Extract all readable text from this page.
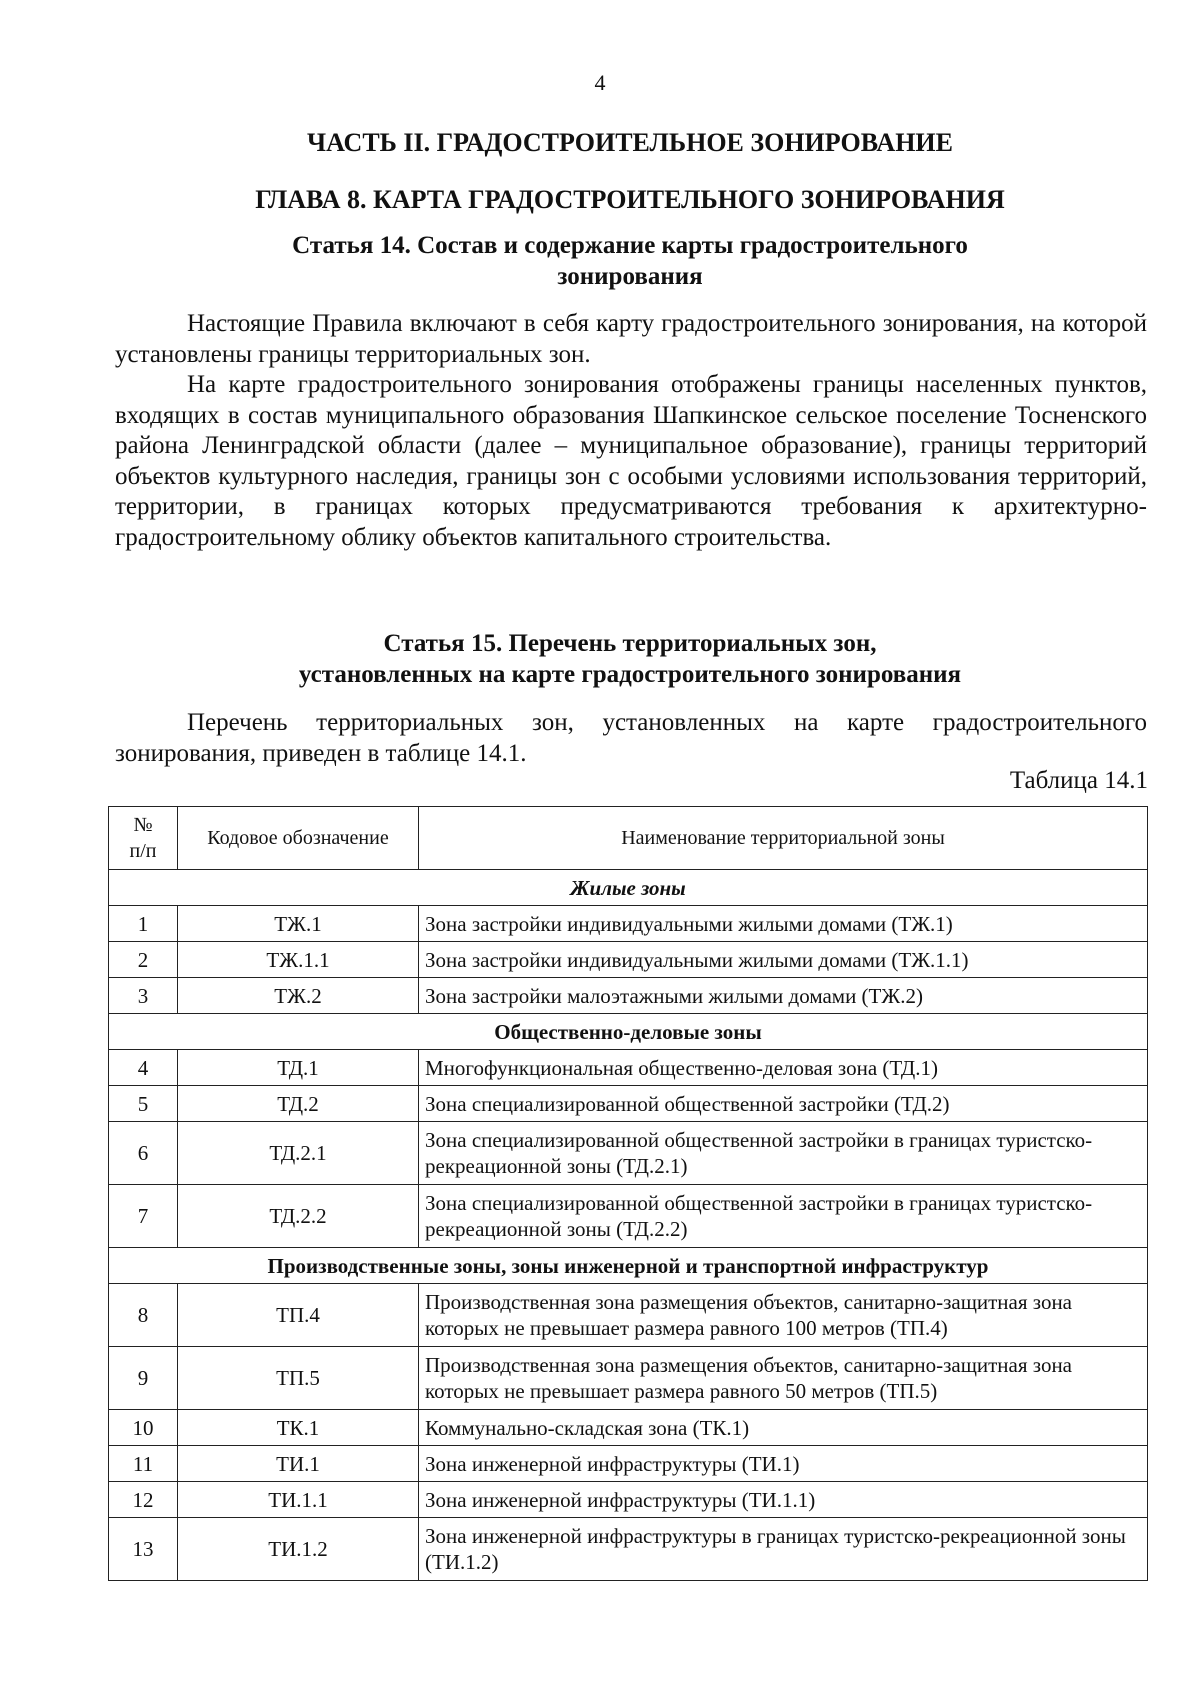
4
ЧАСТЬ II. ГРАДОСТРОИТЕЛЬНОЕ ЗОНИРОВАНИЕ
ГЛАВА 8. КАРТА ГРАДОСТРОИТЕЛЬНОГО ЗОНИРОВАНИЯ
Статья 14. Состав и содержание карты градостроительного
зонирования

Настоящие Правила включают в себя карту градостроительного зонирования, на которой установлены границы территориальных зон.

На карте градостроительного зонирования отображены границы населенных пунктов, входящих в состав муниципального образования Шапкинское сельское поселение Тосненского района Ленинградской области (далее – муниципальное образование), границы территорий объектов культурного наследия, границы зон с особыми условиями использования территорий, территории, в границах которых предусматриваются требования к архитектурно-градостроительному облику объектов капитального строительства.

Статья 15. Перечень территориальных зон,
установленных на карте градостроительного зонирования

Перечень территориальных зон, установленных на карте градостроительного зонирования, приведен в таблице 14.1.

Таблица 14.1
№
п/п	Кодовое обозначение	Наименование территориальной зоны
Жилые зоны		
1	ТЖ.1	Зона застройки индивидуальными жилыми домами (ТЖ.1)
2	ТЖ.1.1	Зона застройки индивидуальными жилыми домами (ТЖ.1.1)
3	ТЖ.2	Зона застройки малоэтажными жилыми домами (ТЖ.2)
Общественно-деловые зоны		
4	ТД.1	Многофункциональная общественно-деловая зона (ТД.1)
5	ТД.2	Зона специализированной общественной застройки (ТД.2)
6	ТД.2.1	Зона специализированной общественной застройки в границах туристско-рекреационной зоны (ТД.2.1)
7	ТД.2.2	Зона специализированной общественной застройки в границах туристско-рекреационной зоны (ТД.2.2)
Производственные зоны, зоны инженерной и транспортной инфраструктур		
8	ТП.4	Производственная зона размещения объектов, санитарно-защитная зона которых не превышает размера равного 100 метров (ТП.4)
9	ТП.5	Производственная зона размещения объектов, санитарно-защитная зона которых не превышает размера равного 50 метров (ТП.5)
10	ТК.1	Коммунально-складская зона (ТК.1)
11	ТИ.1	Зона инженерной инфраструктуры (ТИ.1)
12	ТИ.1.1	Зона инженерной инфраструктуры (ТИ.1.1)
13	ТИ.1.2	Зона инженерной инфраструктуры в границах туристско-рекреационной зоны (ТИ.1.2)
